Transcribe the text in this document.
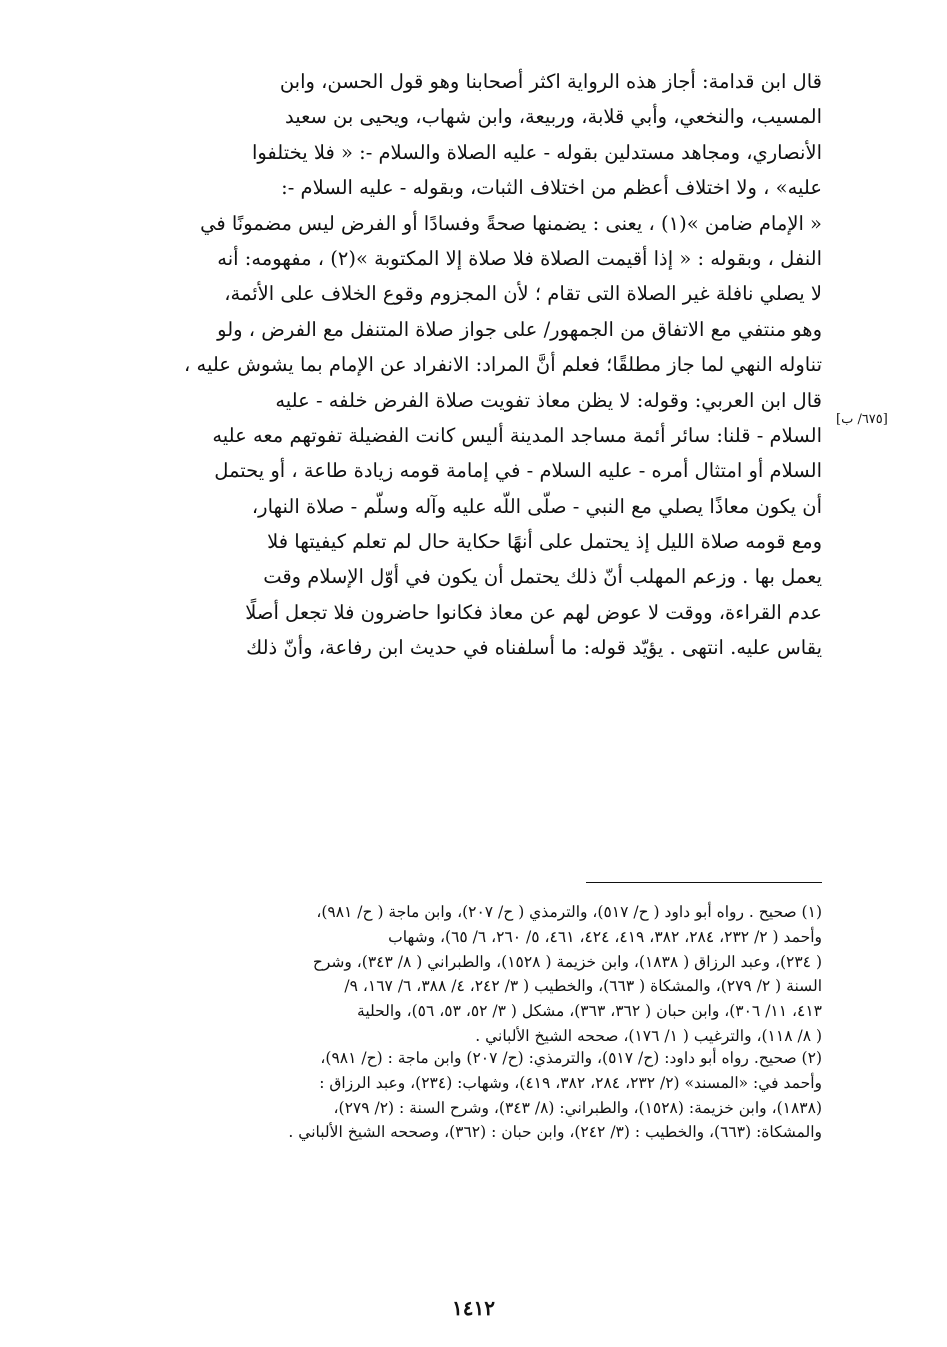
قال ابن قدامة: أجاز هذه الرواية اكثر أصحابنا وهو قول الحسن، وابن
المسيب، والنخعي، وأبي قلابة، وربيعة، وابن شهاب، ويحيى بن سعيد
الأنصاري، ومجاهد مستدلين بقوله - عليه الصلاة والسلام -: « فلا يختلفوا
عليه» ، ولا اختلاف أعظم من اختلاف الثبات، وبقوله - عليه السلام -:
« الإمام ضامن »(١) ، يعنى : يضمنها صحةً وفسادًا أو الفرض ليس مضمونًا في
النفل ، وبقوله : « إذا أقيمت الصلاة فلا صلاة إلا المكتوبة »(٢) ، مفهومه: أنه
لا يصلي نافلة غير الصلاة التى تقام ؛ لأن المجزوم وقوع الخلاف على الأئمة،
وهو منتفي مع الاتفاق من الجمهور/ على جواز صلاة المتنفل مع الفرض ، ولو
تناوله النهي لما جاز مطلقًا؛ فعلم أنَّ المراد: الانفراد عن الإمام بما يشوش عليه ،
قال ابن العربي: وقوله: لا يظن معاذ تفويت صلاة الفرض خلفه - عليه
السلام - قلنا: سائر أئمة مساجد المدينة أليس كانت الفضيلة تفوتهم معه عليه
السلام أو امتثال أمره - عليه السلام - في إمامة قومه زيادة طاعة ، أو يحتمل
أن يكون معاذًا يصلي مع النبي - صلّى اللّه عليه وآله وسلّم - صلاة النهار،
ومع قومه صلاة الليل إذ يحتمل على أنهًا حكاية حال لم تعلم كيفيتها فلا
يعمل بها . وزعم المهلب أنّ ذلك يحتمل أن يكون في أوّل الإسلام وقت
عدم القراءة، ووقت لا عوض لهم عن معاذ فكانوا حاضرون فلا تجعل أصلًا
يقاس عليه. انتهى . يؤيّد قوله: ما أسلفناه في حديث ابن رفاعة، وأنّ ذلك
[٦٧٥/ ب]
(١) صحيح . رواه أبو داود ( ح/ ٥١٧)، والترمذي ( ح/ ٢٠٧)، وابن ماجة ( ح/ ٩٨١)،
وأحمد ( ٢/ ٢٣٢، ٢٨٤، ٣٨٢، ٤١٩، ٤٢٤، ٤٦١، ٥/ ٢٦٠، ٦/ ٦٥)، وشهاب
( ٢٣٤)، وعبد الرزاق ( ١٨٣٨)، وابن خزيمة ( ١٥٢٨)، والطبراني ( ٨/ ٣٤٣)، وشرح
السنة ( ٢/ ٢٧٩)، والمشكاة ( ٦٦٣)، والخطيب ( ٣/ ٢٤٢، ٤/ ٣٨٨، ٦/ ١٦٧، ٩/
٤١٣، ١١/ ٣٠٦)، وابن حبان ( ٣٦٢، ٣٦٣)، مشكل ( ٣/ ٥٢، ٥٣، ٥٦)، والحلية
( ٨/ ١١٨)، والترغيب ( ١/ ١٧٦)، صححه الشيخ الألباني .
(٢) صحيح. رواه أبو داود: (ح/ ٥١٧)، والترمذي: (ح/ ٢٠٧) وابن ماجة : (ح/ ٩٨١)،
وأحمد في: «المسند» (٢/ ٢٣٢، ٢٨٤، ٣٨٢، ٤١٩)، وشهاب: (٢٣٤)، وعبد الرزاق :
(١٨٣٨)، وابن خزيمة: (١٥٢٨)، والطبراني: (٨/ ٣٤٣)، وشرح السنة : (٢/ ٢٧٩)،
والمشكاة: (٦٦٣)، والخطيب : (٣/ ٢٤٢)، وابن حبان : (٣٦٢)، وصححه الشيخ الألباني .
١٤١٢
